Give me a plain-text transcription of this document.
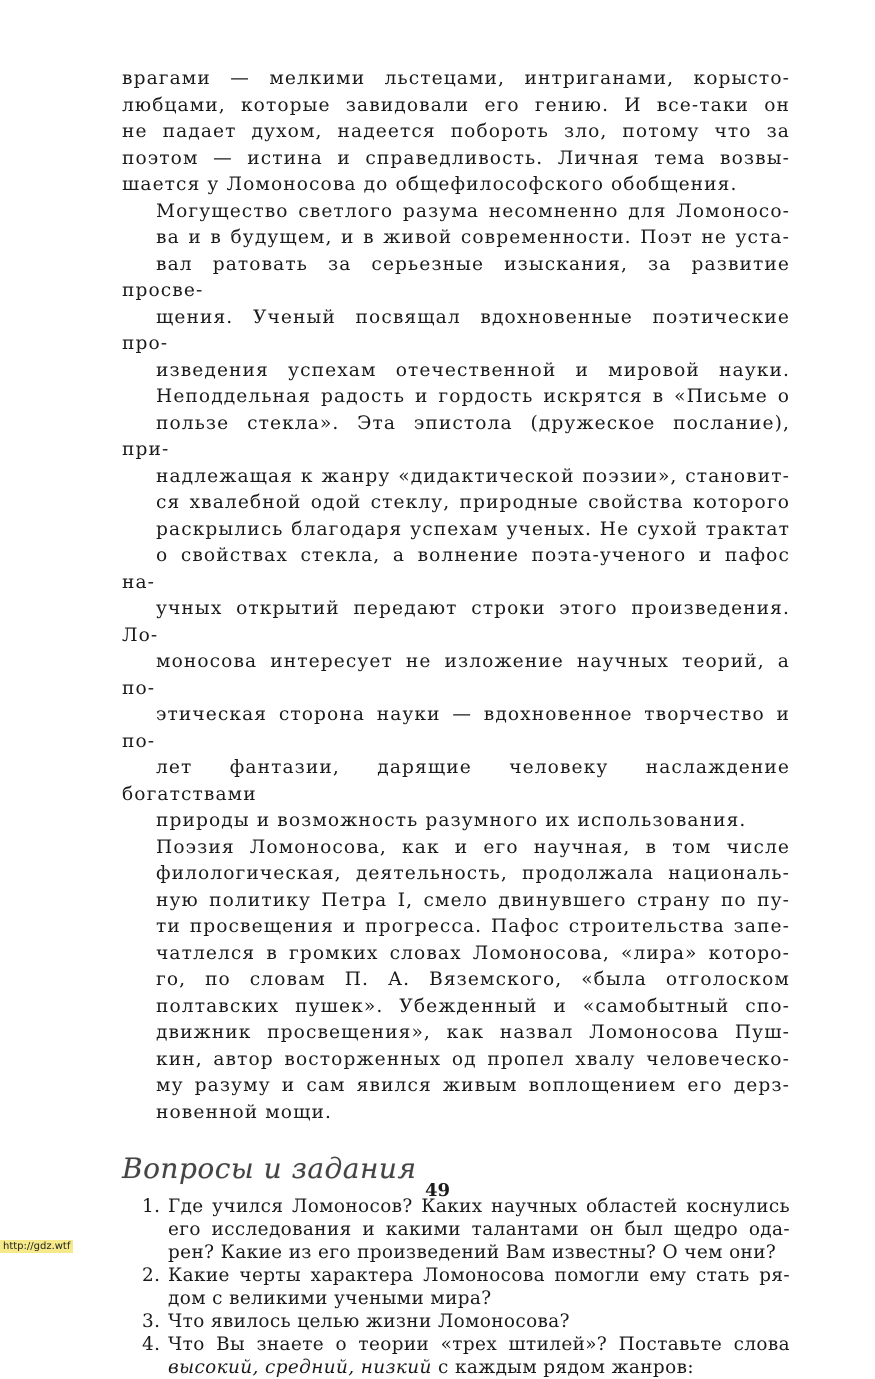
врагами — мелкими льстецами, интриганами, корысто-
любцами, которые завидовали его гению. И все-таки он
не падает духом, надеется побороть зло, потому что за
поэтом — истина и справедливость. Личная тема возвы-
шается у Ломоносова до общефилософского обобщения.
Могущество светлого разума несомненно для Ломоносо-
ва и в будущем, и в живой современности. Поэт не уста-
вал ратовать за серьезные изыскания, за развитие просве-
щения. Ученый посвящал вдохновенные поэтические про-
изведения успехам отечественной и мировой науки.
Неподдельная радость и гордость искрятся в «Письме о
пользе стекла». Эта эпистола (дружеское послание), при-
надлежащая к жанру «дидактической поэзии», становит-
ся хвалебной одой стеклу, природные свойства которого
раскрылись благодаря успехам ученых. Не сухой трактат
о свойствах стекла, а волнение поэта-ученого и пафос на-
учных открытий передают строки этого произведения. Ло-
моносова интересует не изложение научных теорий, а по-
этическая сторона науки — вдохновенное творчество и по-
лет фантазии, дарящие человеку наслаждение богатствами
природы и возможность разумного их использования.
Поэзия Ломоносова, как и его научная, в том числе
филологическая, деятельность, продолжала националь-
ную политику Петра I, смело двинувшего страну по пу-
ти просвещения и прогресса. Пафос строительства запе-
чатлелся в громких словах Ломоносова, «лира» которо-
го, по словам П. А. Вяземского, «была отголоском
полтавских пушек». Убежденный и «самобытный спо-
движник просвещения», как назвал Ломоносова Пуш-
кин, автор восторженных од пропел хвалу человеческо-
му разуму и сам явился живым воплощением его дерз-
новенной мощи.
Вопросы и задания
1. Где учился Ломоносов? Каких научных областей коснулись
его исследования и какими талантами он был щедро ода-
рен? Какие из его произведений Вам известны? О чем они?
2. Какие черты характера Ломоносова помогли ему стать ря-
дом с великими учеными мира?
3. Что явилось целью жизни Ломоносова?
4. Что Вы знаете о теории «трех штилей»? Поставьте слова
высокий, средний, низкий с каждым рядом жанров:
49
http://gdz.wtf
